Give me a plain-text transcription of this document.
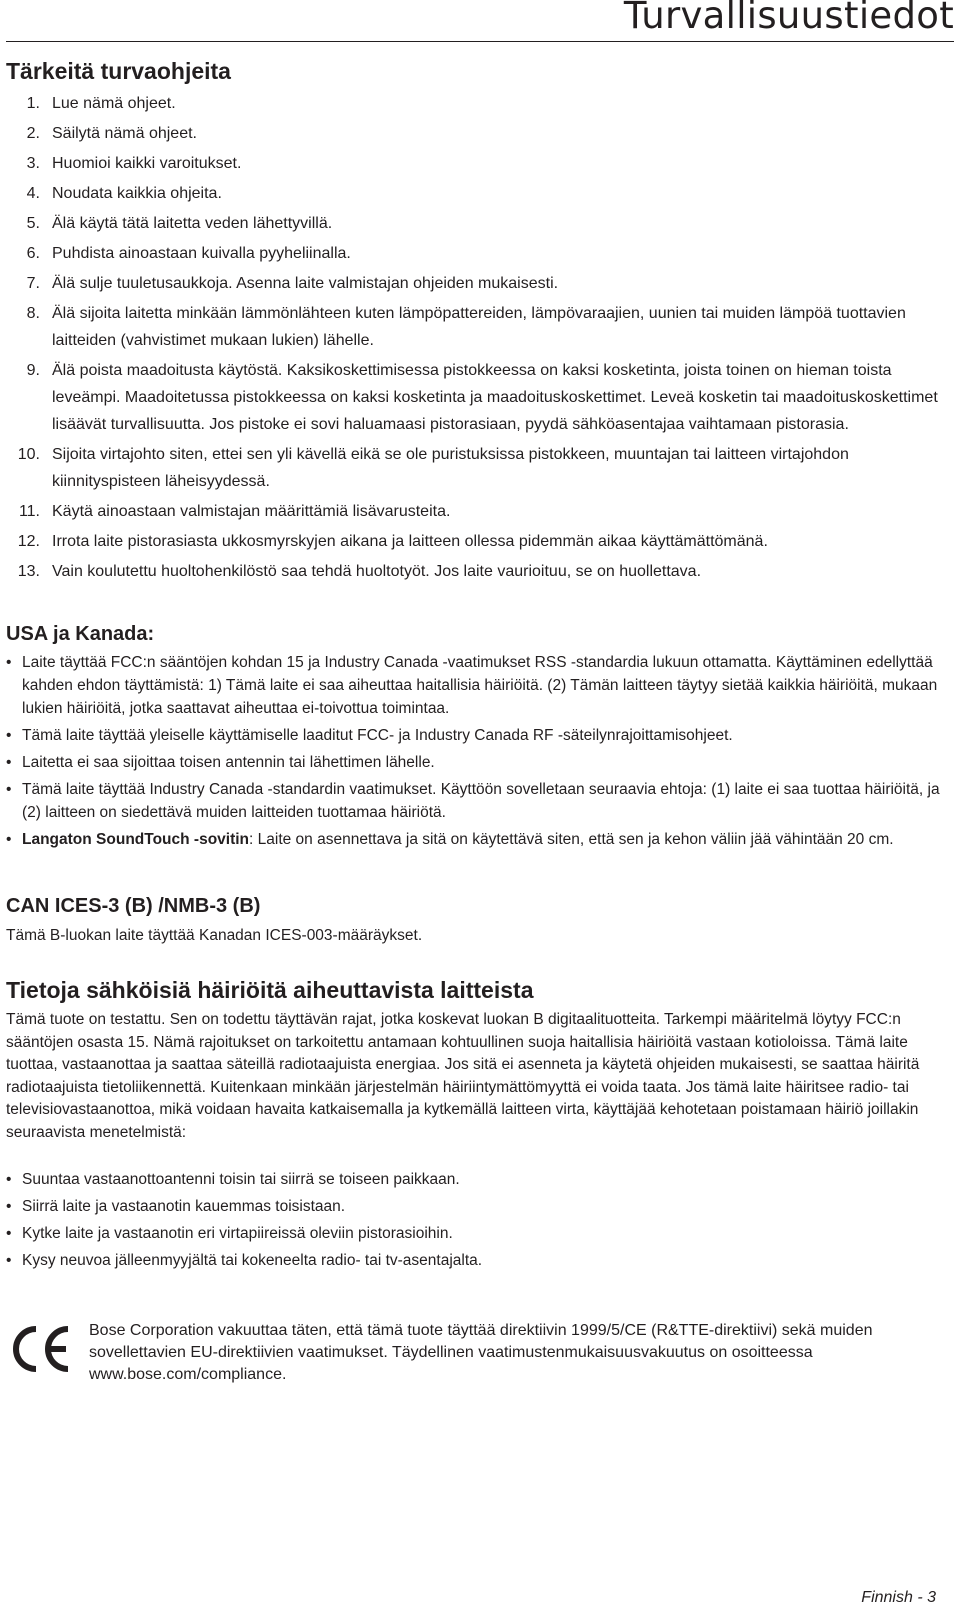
Turvallisuustiedot
Tärkeitä turvaohjeita
1. Lue nämä ohjeet.
2. Säilytä nämä ohjeet.
3. Huomioi kaikki varoitukset.
4. Noudata kaikkia ohjeita.
5. Älä käytä tätä laitetta veden lähettyvillä.
6. Puhdista ainoastaan kuivalla pyyheliinalla.
7. Älä sulje tuuletusaukkoja. Asenna laite valmistajan ohjeiden mukaisesti.
8. Älä sijoita laitetta minkään lämmönlähteen kuten lämpöpattereiden, lämpövaraajien, uunien tai muiden lämpöä tuottavien laitteiden (vahvistimet mukaan lukien) lähelle.
9. Älä poista maadoitusta käytöstä. Kaksikoskettimisessa pistokkeessa on kaksi kosketinta, joista toinen on hieman toista leveämpi. Maadoitetussa pistokkeessa on kaksi kosketinta ja maadoituskoskettimet. Leveä kosketin tai maadoituskoskettimet lisäävät turvallisuutta. Jos pistoke ei sovi haluamaasi pistorasiaan, pyydä sähköasentajaa vaihtamaan pistorasia.
10. Sijoita virtajohto siten, ettei sen yli kävellä eikä se ole puristuksissa pistokkeen, muuntajan tai laitteen virtajohdon kiinnityspisteen läheisyydessä.
11. Käytä ainoastaan valmistajan määrittämiä lisävarusteita.
12. Irrota laite pistorasiasta ukkosmyrskyjen aikana ja laitteen ollessa pidemmän aikaa käyttämättömänä.
13. Vain koulutettu huoltohenkilöstö saa tehdä huoltotyöt. Jos laite vaurioituu, se on huollettava.
USA ja Kanada:
• Laite täyttää FCC:n sääntöjen kohdan 15 ja Industry Canada -vaatimukset RSS -standardia lukuun ottamatta. Käyttäminen edellyttää kahden ehdon täyttämistä: 1) Tämä laite ei saa aiheuttaa haitallisia häiriöitä. (2) Tämän laitteen täytyy sietää kaikkia häiriöitä, mukaan lukien häiriöitä, jotka saattavat aiheuttaa ei-toivottua toimintaa.
• Tämä laite täyttää yleiselle käyttämiselle laaditut FCC- ja Industry Canada RF -säteilynrajoittamisohjeet.
• Laitetta ei saa sijoittaa toisen antennin tai lähettimen lähelle.
• Tämä laite täyttää Industry Canada -standardin vaatimukset. Käyttöön sovelletaan seuraavia ehtoja: (1) laite ei saa tuottaa häiriöitä, ja (2) laitteen on siedettävä muiden laitteiden tuottamaa häiriötä.
• Langaton SoundTouch -sovitin: Laite on asennettava ja sitä on käytettävä siten, että sen ja kehon väliin jää vähintään 20 cm.
CAN ICES-3 (B) /NMB-3 (B)

Tämä B-luokan laite täyttää Kanadan ICES-003-määräykset.

Tietoja sähköisiä häiriöitä aiheuttavista laitteista

Tämä tuote on testattu. Sen on todettu täyttävän rajat, jotka koskevat luokan B digitaalituotteita. Tarkempi määritelmä löytyy FCC:n sääntöjen osasta 15. Nämä rajoitukset on tarkoitettu antamaan kohtuullinen suoja haitallisia häiriöitä vastaan kotioloissa. Tämä laite tuottaa, vastaanottaa ja saattaa säteillä radiotaajuista energiaa. Jos sitä ei asenneta ja käytetä ohjeiden mukaisesti, se saattaa häiritä radiotaajuista tietoliikennettä. Kuitenkaan minkään järjestelmän häiriintymättömyyttä ei voida taata. Jos tämä laite häiritsee radio- tai televisiovastaanottoa, mikä voidaan havaita katkaisemalla ja kytkemällä laitteen virta, käyttäjää kehotetaan poistamaan häiriö joillakin seuraavista menetelmistä:

• Suuntaa vastaanottoantenni toisin tai siirrä se toiseen paikkaan.
• Siirrä laite ja vastaanotin kauemmas toisistaan.
• Kytke laite ja vastaanotin eri virtapiireissä oleviin pistorasioihin.
• Kysy neuvoa jälleenmyyjältä tai kokeneelta radio- tai tv-asentajalta.

Bose Corporation vakuuttaa täten, että tämä tuote täyttää direktiivin 1999/5/CE (R&TTE-direktiivi) sekä muiden sovellettavien EU-direktiivien vaatimukset. Täydellinen vaatimustenmukaisuusvakuutus on osoitteessa www.bose.com/compliance.

Finnish - 3
